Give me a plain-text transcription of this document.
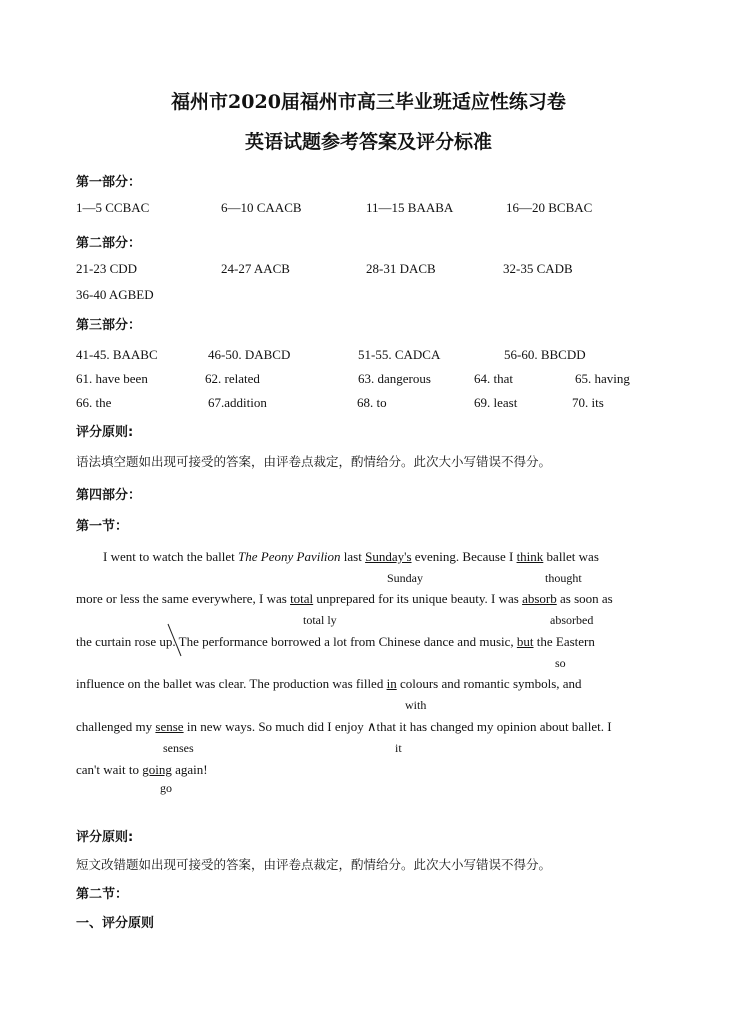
福州市2020届福州市高三毕业班适应性练习卷
英语试题参考答案及评分标准
第一部分：
1—5 CCBAC	6—10 CAACB	11—15 BAABA	16—20 BCBAC
第二部分：
21-23 CDD	24-27 AACB	28-31 DACB	32-35 CADB
36-40 AGBED
第三部分：
41-45. BAABC	46-50. DABCD	51-55. CADCA	56-60. BBCDD
61. have been	62. related	63. dangerous	64. that	65. having
66. the	67.addition	68. to	69. least	70. its
评分原则:
语法填空题如出现可接受的答案，由评卷点裁定，酌情给分。此次大小写错误不得分。
第四部分：
第一节：
I went to watch the ballet The Peony Pavilion last Sunday's evening. Because I think ballet was
Sunday	thought
more or less the same everywhere, I was total unprepared for its unique beauty. I was absorb as soon as
total ly	absorbed
the curtain rose up. The performance borrowed a lot from Chinese dance and music, but the Eastern
so
influence on the ballet was clear. The production was filled in colours and romantic symbols, and
with
challenged my sense in new ways. So much did I enjoy ∧that it has changed my opinion about ballet. I
senses	it
can't wait to going again!
go
评分原则:
短文改错题如出现可接受的答案，由评卷点裁定，酌情给分。此次大小写错误不得分。
第二节：
一、评分原则
